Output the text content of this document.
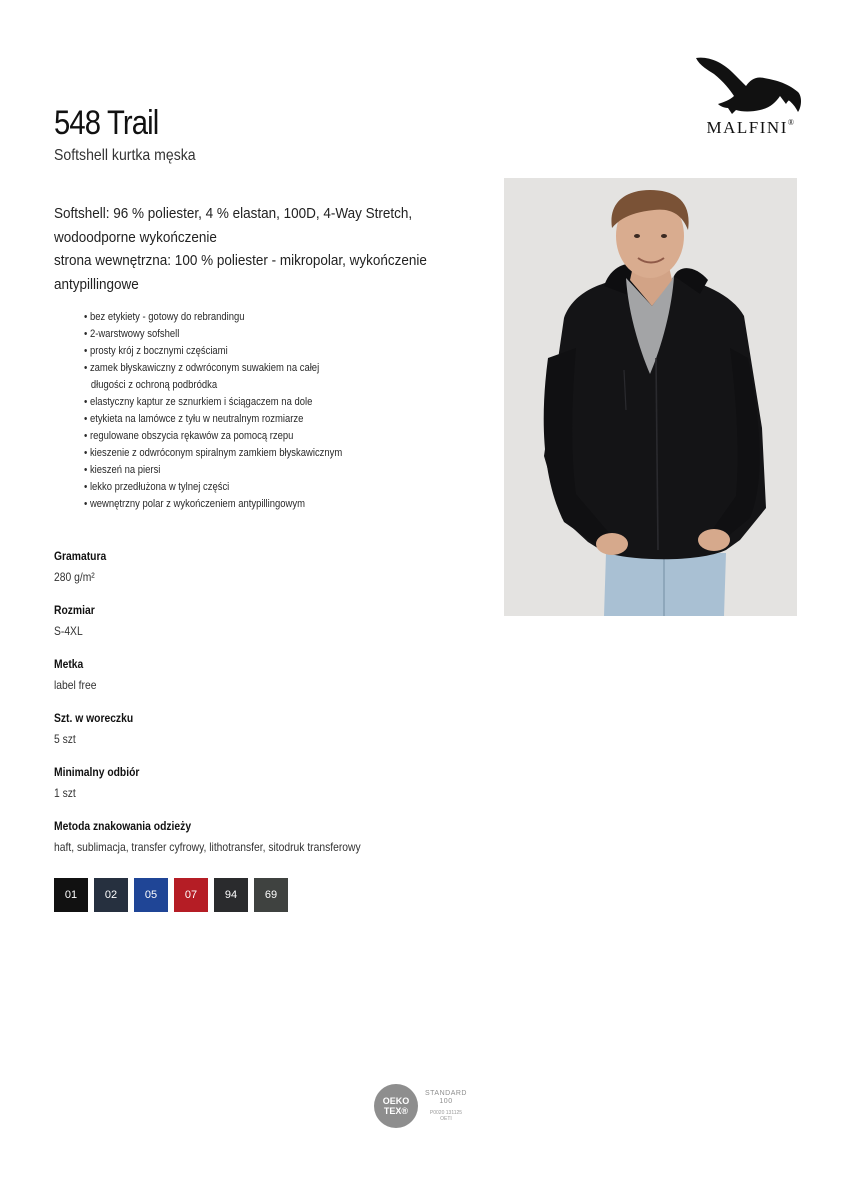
548 Trail
Softshell kurtka męska
MALFINI®
Softshell: 96 % poliester, 4 % elastan, 100D, 4-Way Stretch,
wodoodporne wykończenie
strona wewnętrzna: 100 % poliester - mikropolar, wykończenie
antypillingowe
• bez etykiety - gotowy do rebrandingu
• 2-warstwowy sofshell
• prosty krój z bocznymi częściami
• zamek błyskawiczny z odwróconym suwakiem na całej
długości z ochroną podbródka
• elastyczny kaptur ze sznurkiem i ściągaczem na dole
• etykieta na lamówce z tyłu w neutralnym rozmiarze
• regulowane obszycia rękawów za pomocą rzepu
• kieszenie z odwróconym spiralnym zamkiem błyskawicznym
• kieszeń na piersi
• lekko przedłużona w tylnej części
• wewnętrzny polar z wykończeniem antypillingowym
Gramatura
280 g/m²
Rozmiar
S-4XL
Metka
label free
Szt. w woreczku
5 szt
Minimalny odbiór
1 szt
Metoda znakowania odzieży
haft, sublimacja, transfer cyfrowy, lithotransfer, sitodruk transferowy
01	02	05	07	94	69
OEKO
TEX®
STANDARD
100
P0020 131125
OETI
